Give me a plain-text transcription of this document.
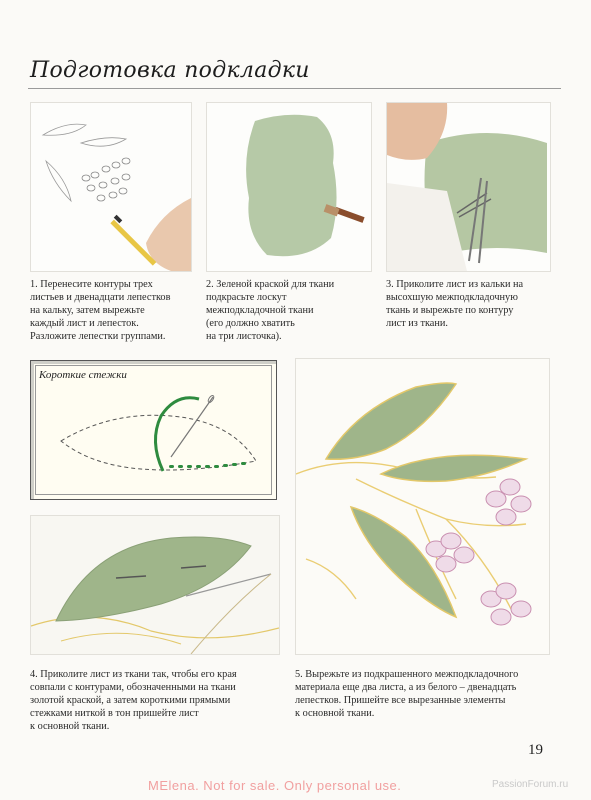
Подготовка подкладки
1. Перенесите контуры трех
листьев и двенадцати лепестков
на кальку, затем вырежьте
каждый лист и лепесток.
Разложите лепестки группами.
2. Зеленой краской для ткани
подкрасьте лоскут
межподкладочной ткани
(его должно хватить
на три листочка).
3. Приколите лист из кальки на
высохшую межподкладочную
ткань и вырежьте по контуру
лист из ткани.
Короткие стежки
4. Приколите лист из ткани так, чтобы его края
совпали с контурами, обозначенными на ткани
золотой краской, а затем короткими прямыми
стежками ниткой в тон пришейте лист
к основной ткани.
5. Вырежьте из подкрашенного межподкладочного
материала еще два листа, а из белого – двенадцать
лепестков. Пришейте все вырезанные элементы
к основной ткани.
19
MElena. Not for sale. Only personal use.	PassionForum.ru
